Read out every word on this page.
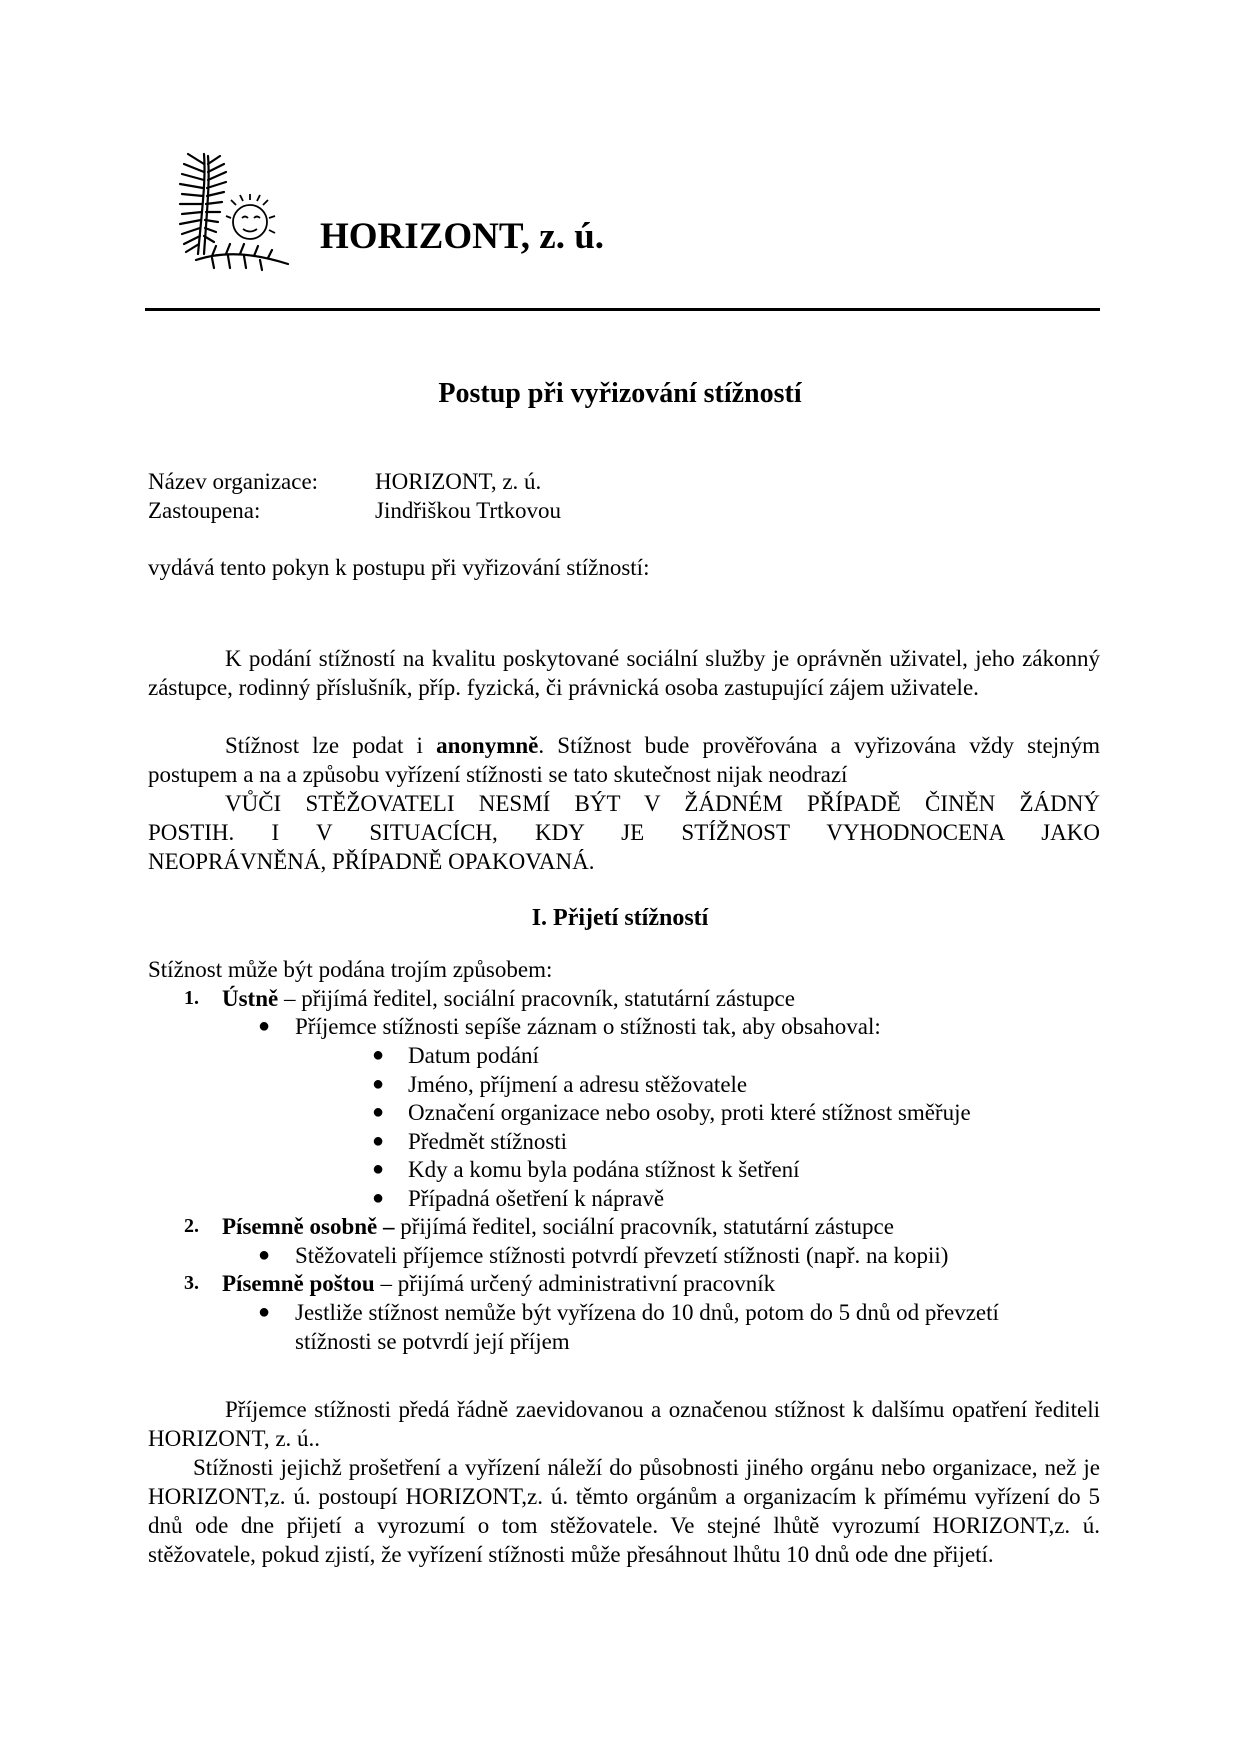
HORIZONT, z. ú.
Postup při vyřizování stížností
Název organizace:	HORIZONT, z. ú.
Zastoupena:	Jindřiškou Trtkovou

vydává tento pokyn k postupu při vyřizování stížností:

K podání stížností na kvalitu poskytované sociální služby je oprávněn uživatel, jeho zákonný zástupce, rodinný příslušník, příp. fyzická, či právnická osoba zastupující zájem uživatele.

Stížnost lze podat i anonymně. Stížnost bude prověřována a vyřizována vždy stejným postupem a na a způsobu vyřízení stížnosti se tato skutečnost nijak neodrazí

VŮČI STĚŽOVATELI NESMÍ BÝT V ŽÁDNÉM PŘÍPADĚ ČINĚN ŽÁDNÝ
POSTIH. I V SITUACÍCH, KDY JE STÍŽNOST VYHODNOCENA JAKO
NEOPRÁVNĚNÁ, PŘÍPADNĚ OPAKOVANÁ.

I. Přijetí stížností

Stížnost může být podána trojím způsobem:

1. Ústně – přijímá ředitel, sociální pracovník, statutární zástupce

● Příjemce stížnosti sepíše záznam o stížnosti tak, aby obsahoval:

● Datum podání

● Jméno, příjmení a adresu stěžovatele

● Označení organizace nebo osoby, proti které stížnost směřuje

● Předmět stížnosti

● Kdy a komu byla podána stížnost k šetření

● Případná ošetření k nápravě

2. Písemně osobně – přijímá ředitel, sociální pracovník, statutární zástupce

● Stěžovateli příjemce stížnosti potvrdí převzetí stížnosti (např. na kopii)

3. Písemně poštou – přijímá určený administrativní pracovník

● Jestliže stížnost nemůže být vyřízena do 10 dnů, potom do 5 dnů od převzetí

stížnosti se potvrdí její příjem

Příjemce stížnosti předá řádně zaevidovanou a označenou stížnost k dalšímu opatření řediteli HORIZONT, z. ú..

Stížnosti jejichž prošetření a vyřízení náleží do působnosti jiného orgánu nebo organizace, než je HORIZONT,z. ú. postoupí HORIZONT,z. ú. těmto orgánům a organizacím k přímému vyřízení do 5 dnů ode dne přijetí a vyrozumí o tom stěžovatele. Ve stejné lhůtě vyrozumí HORIZONT,z. ú. stěžovatele, pokud zjistí, že vyřízení stížnosti může přesáhnout lhůtu 10 dnů ode dne přijetí.
